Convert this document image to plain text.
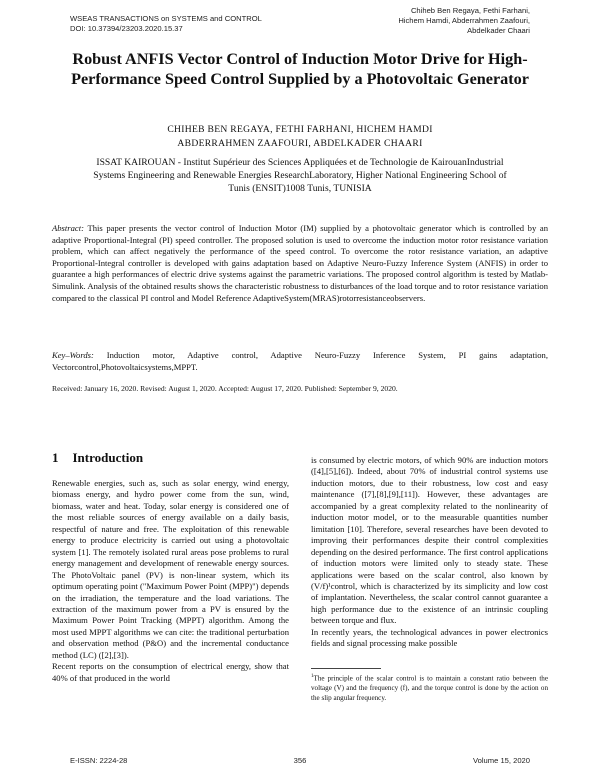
WSEAS TRANSACTIONS on SYSTEMS and CONTROL
DOI: 10.37394/23203.2020.15.37
Chiheb Ben Regaya, Fethi Farhani,
Hichem Hamdi, Abderrahmen Zaafouri,
Abdelkader Chaari
Robust ANFIS Vector Control of Induction Motor Drive for High-Performance Speed Control Supplied by a Photovoltaic Generator
CHIHEB BEN REGAYA, FETHI FARHANI, HICHEM HAMDI
ABDERRAHMEN ZAAFOURI, ABDELKADER CHAARI
ISSAT KAIROUAN - Institut Supérieur des Sciences Appliquées et de Technologie de KairouanIndustrial Systems Engineering and Renewable Energies ResearchLaboratory, Higher National Engineering School of Tunis (ENSIT)1008 Tunis, TUNISIA
Abstract: This paper presents the vector control of Induction Motor (IM) supplied by a photovoltaic generator which is controlled by an adaptive Proportional-Integral (PI) speed controller. The proposed solution is used to overcome the induction motor rotor resistance variation problem, which can affect negatively the performance of the speed control. To overcome the rotor resistance variation, an adaptive Proportional-Integral controller is developed with gains adaptation based on Adaptive Neuro-Fuzzy Inference System (ANFIS) in order to guarantee a high performances of electric drive systems against the parametric variations. The proposed control algorithm is tested by Matlab-Simulink. Analysis of the obtained results shows the characteristic robustness to disturbances of the load torque and to rotor resistance variation compared to the classical PI control and Model Reference AdaptiveSystem(MRAS)rotorresistanceobservers.
Key–Words: Induction motor, Adaptive control, Adaptive Neuro-Fuzzy Inference System, PI gains adaptation, Vectorcontrol,Photovoltaicsystems,MPPT.
Received: January 16, 2020. Revised: August 1, 2020. Accepted: August 17, 2020. Published: September 9, 2020.
1 Introduction

Renewable energies, such as, such as solar energy, wind energy, biomass energy, and hydro power come from the sun, wind, biomass, water and heat. Today, solar energy is considered one of the most reliable sources of energy available on a daily basis, respectful of nature and free. The exploitation of this renewable energy to produce electricity is carried out using a photovoltaic system [1]. The remotely isolated rural areas pose problems to rural energy management and development of renewable energy sources. The PhotoVoltaic panel (PV) is non-linear system, which its optimum operating point ("Maximum Power Point (MPP)") depends on the irradiation, the temperature and the load variations. The extraction of the maximum power from a PV is ensured by the Maximum Power Point Tracking (MPPT) algorithm. Among the most used MPPT algorithms we can cite: the traditional perturbation and observation method (P&O) and the incremental conductance method (LC) ([2],[3]).

Recent reports on the consumption of electrical energy, show that 40% of that produced in the world

is consumed by electric motors, of which 90% are induction motors ([4],[5],[6]). Indeed, about 70% of industrial control systems use induction motors, due to their robustness, low cost and easy maintenance ([7],[8],[9],[11]). However, these advantages are accompanied by a great complexity related to the nonlinearity of induction motor model, or to the measurable quantities number limitation [10]. Therefore, several researches have been devoted to improving their performances despite their control complexities depending on the desired performance. The first control applications of induction motors were limited only to steady state. These applications were based on the scalar control, also known by (V/f)¹control, which is characterized by its simplicity and low cost of implantation. Nevertheless, the scalar control cannot guarantee a high performance due to the existence of an intrinsic coupling between torque and flux.

In recently years, the technological advances in power electronics fields and signal processing make possible

$^1$The principle of the scalar control is to maintain a constant ratio between the voltage (V) and the frequency (f), and the torque control is done by the action on the slip angular frequency.
E-ISSN: 2224-28	356	Volume 15, 2020
